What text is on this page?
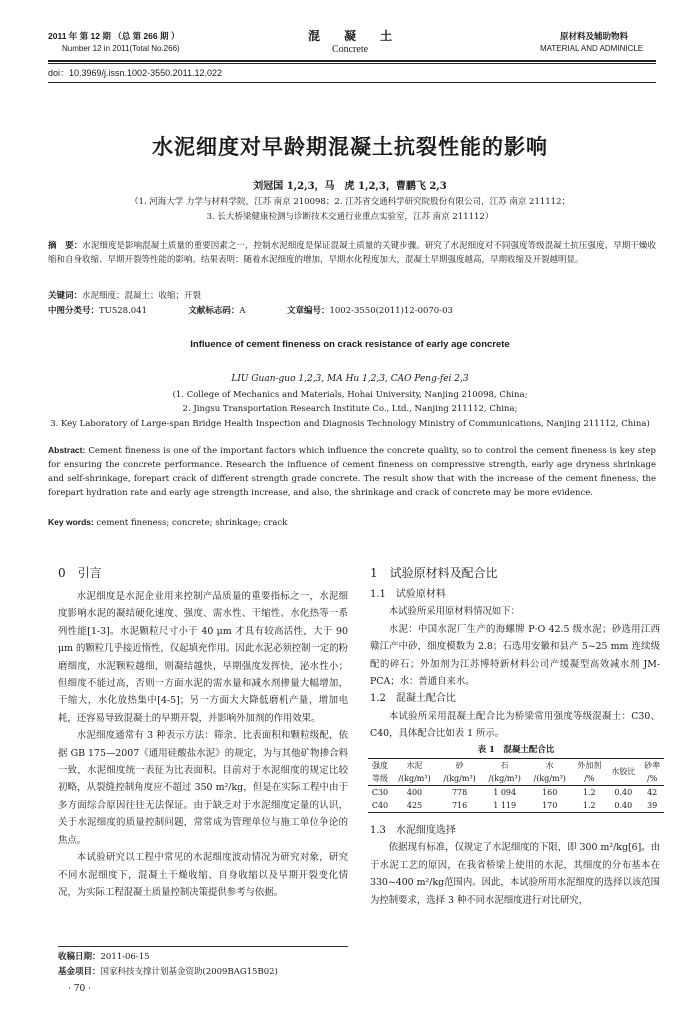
2011 年 第 12 期 （总 第 266 期 ）
Number 12 in 2011(Total No.266)
混　　凝　　土
Concrete
原材料及辅助物料
MATERIAL AND ADMINICLE
doi：10.3969/j.issn.1002-3550.2011.12.022
水泥细度对早龄期混凝土抗裂性能的影响
刘冠国 1,2,3，马　虎 1,2,3，曹鹏飞 2,3
（1. 河海大学 力学与材料学院，江苏 南京 210098；2. 江苏省交通科学研究院股份有限公司，江苏 南京 211112；
3. 长大桥梁健康检测与诊断技术交通行业重点实验室，江苏 南京 211112）
摘　要：水泥细度是影响混凝土质量的重要因素之一，控制水泥细度是保证混凝土质量的关键步骤。研究了水泥细度对不同强度等级混凝土抗压强度、早期干燥收缩和自身收缩、早期开裂等性能的影响。结果表明：随着水泥细度的增加，早期水化程度加大，混凝土早期强度越高，早期收缩及开裂越明显。
关键词：水泥细度；混凝土；收缩；开裂
中图分类号：TU528.041	文献标志码：A	文章编号：1002-3550(2011)12-0070-03
Influence of cement fineness on crack resistance of early age concrete
LIU Guan-guo 1,2,3, MA Hu 1,2,3, CAO Peng-fei 2,3
(1. College of Mechanics and Materials, Hohai University, Nanjing 210098, China;
2. Jingsu Transportation Research Institute Co., Ltd., Nanjing 211112, China;
3. Key Laboratory of Large-span Bridge Health Inspection and Diagnosis Technology Ministry of Communications, Nanjing 211112, China)
Abstract: Cement fineness is one of the important factors which influence the concrete quality, so to control the cement fineness is key step for ensuring the concrete performance. Research the influence of cement fineness on compressive strength, early age dryness shrinkage and self-shrinkage, forepart crack of different strength grade concrete. The result show that with the increase of the cement fineness, the forepart hydration rate and early age strength increase, and also, the shrinkage and crack of concrete may be more evidence.
Key words: cement fineness; concrete; shrinkage; crack
0　引言

水泥细度是水泥企业用来控制产品质量的重要指标之一，水泥细度影响水泥的凝结硬化速度、强度、需水性、干缩性、水化热等一系列性能[1-3]。水泥颗粒尺寸小于 40 μm 才具有较高活性，大于 90 μm 的颗粒几乎接近惰性，仅起填充作用。因此水泥必须控制一定的粉磨细度，水泥颗粒越细，则凝结越快，早期强度发挥快，泌水性小；但细度不能过高，否则一方面水泥的需水量和减水剂掺量大幅增加，干缩大，水化放热集中[4-5]；另一方面大大降低磨机产量，增加电耗，还容易导致混凝土的早期开裂，并影响外加剂的作用效果。

水泥细度通常有 3 种表示方法：筛余、比表面积和颗粒级配，依据 GB 175—2007《通用硅酸盐水泥》的规定，为与其他矿物掺合料一致，水泥细度统一表征为比表面积。目前对于水泥细度的规定比较初略，从裂缝控制角度应不超过 350 m²/kg，但是在实际工程中由于多方面综合原因往往无法保证。由于缺乏对于水泥细度定量的认识，关于水泥细度的质量控制问题，常常成为管理单位与施工单位争论的焦点。

本试验研究以工程中常见的水泥细度波动情况为研究对象，研究不同水泥细度下，混凝土干燥收缩、自身收缩以及早期开裂变化情况，为实际工程混凝土质量控制决策提供参考与依据。

收稿日期：2011-06-15
基金项目：国家科技支撑计划基金资助(2009BAG15B02)
· 70 ·
1　试验原材料及配合比
1.1　试验原材料

本试验所采用原材料情况如下：

水泥：中国水泥厂生产的海螺牌 P·O 42.5 级水泥；砂选用江西赣江产中砂，细度模数为 2.8；石选用安徽和县产 5~25 mm 连续级配的碎石；外加剂为江苏博特新材料公司产缓凝型高效减水剂 JM-PCA；水：普通自来水。

1.2　混凝土配合比

本试验所采用混凝土配合比为桥梁常用强度等级混凝土：C30、C40，具体配合比如表 1 所示。

表 1　混凝土配合比
强度	水泥	砂	石	水	外加剂	水胶比	砂率
等级	/(kg/m³)	/(kg/m³)	/(kg/m³)	/(kg/m³)	/%		/%
C30	400	778	1 094	160	1.2	0.40	42
C40	425	716	1 119	170	1.2	0.40	39
1.3　水泥细度选择

依据现有标准，仅规定了水泥细度的下限，即 300 m²/kg[6]。由于水泥工艺的原因，在我省桥梁上使用的水泥，其细度的分布基本在 330~400 m²/kg范围内。因此，本试验所用水泥细度的选择以该范围为控制要求，选择 3 种不同水泥细度进行对比研究，
